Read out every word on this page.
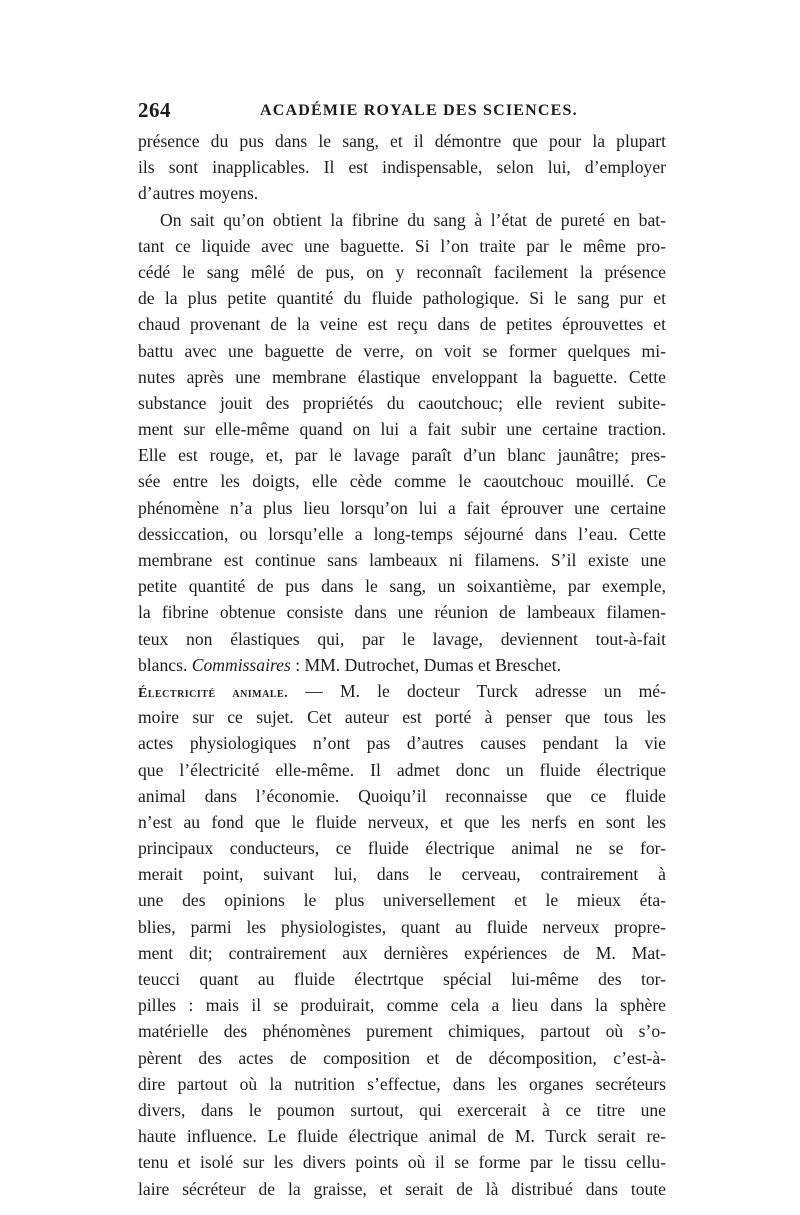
264	ACADÉMIE ROYALE DES SCIENCES.
présence du pus dans le sang, et il démontre que pour la plupart
ils sont inapplicables. Il est indispensable, selon lui, d’employer
d’autres moyens.
On sait qu’on obtient la fibrine du sang à l’état de pureté en bat-
tant ce liquide avec une baguette. Si l’on traite par le même pro-
cédé le sang mêlé de pus, on y reconnaît facilement la présence
de la plus petite quantité du fluide pathologique. Si le sang pur et
chaud provenant de la veine est reçu dans de petites éprouvettes et
battu avec une baguette de verre, on voit se former quelques mi-
nutes après une membrane élastique enveloppant la baguette. Cette
substance jouit des propriétés du caoutchouc; elle revient subite-
ment sur elle-même quand on lui a fait subir une certaine traction.
Elle est rouge, et, par le lavage paraît d’un blanc jaunâtre; pres-
sée entre les doigts, elle cède comme le caoutchouc mouillé. Ce
phénomène n’a plus lieu lorsqu’on lui a fait éprouver une certaine
dessiccation, ou lorsqu’elle a long-temps séjourné dans l’eau. Cette
membrane est continue sans lambeaux ni filamens. S’il existe une
petite quantité de pus dans le sang, un soixantième, par exemple,
la fibrine obtenue consiste dans une réunion de lambeaux filamen-
teux non élastiques qui, par le lavage, deviennent tout-à-fait
blancs. Commissaires : MM. Dutrochet, Dumas et Breschet.
Électricité animale. — M. le docteur Turck adresse un mé-
moire sur ce sujet. Cet auteur est porté à penser que tous les
actes physiologiques n’ont pas d’autres causes pendant la vie
que l’électricité elle-même. Il admet donc un fluide électrique
animal dans l’économie. Quoiqu’il reconnaisse que ce fluide
n’est au fond que le fluide nerveux, et que les nerfs en sont les
principaux conducteurs, ce fluide électrique animal ne se for-
merait point, suivant lui, dans le cerveau, contrairement à
une des opinions le plus universellement et le mieux éta-
blies, parmi les physiologistes, quant au fluide nerveux propre-
ment dit; contrairement aux dernières expériences de M. Mat-
teucci quant au fluide électrtque spécial lui-même des tor-
pilles : mais il se produirait, comme cela a lieu dans la sphère
matérielle des phénomènes purement chimiques, partout où s’o-
pèrent des actes de composition et de décomposition, c’est-à-
dire partout où la nutrition s’effectue, dans les organes secréteurs
divers, dans le poumon surtout, qui exercerait à ce titre une
haute influence. Le fluide électrique animal de M. Turck serait re-
tenu et isolé sur les divers points où il se forme par le tissu cellu-
laire sécréteur de la graisse, et serait de là distribué dans toute
